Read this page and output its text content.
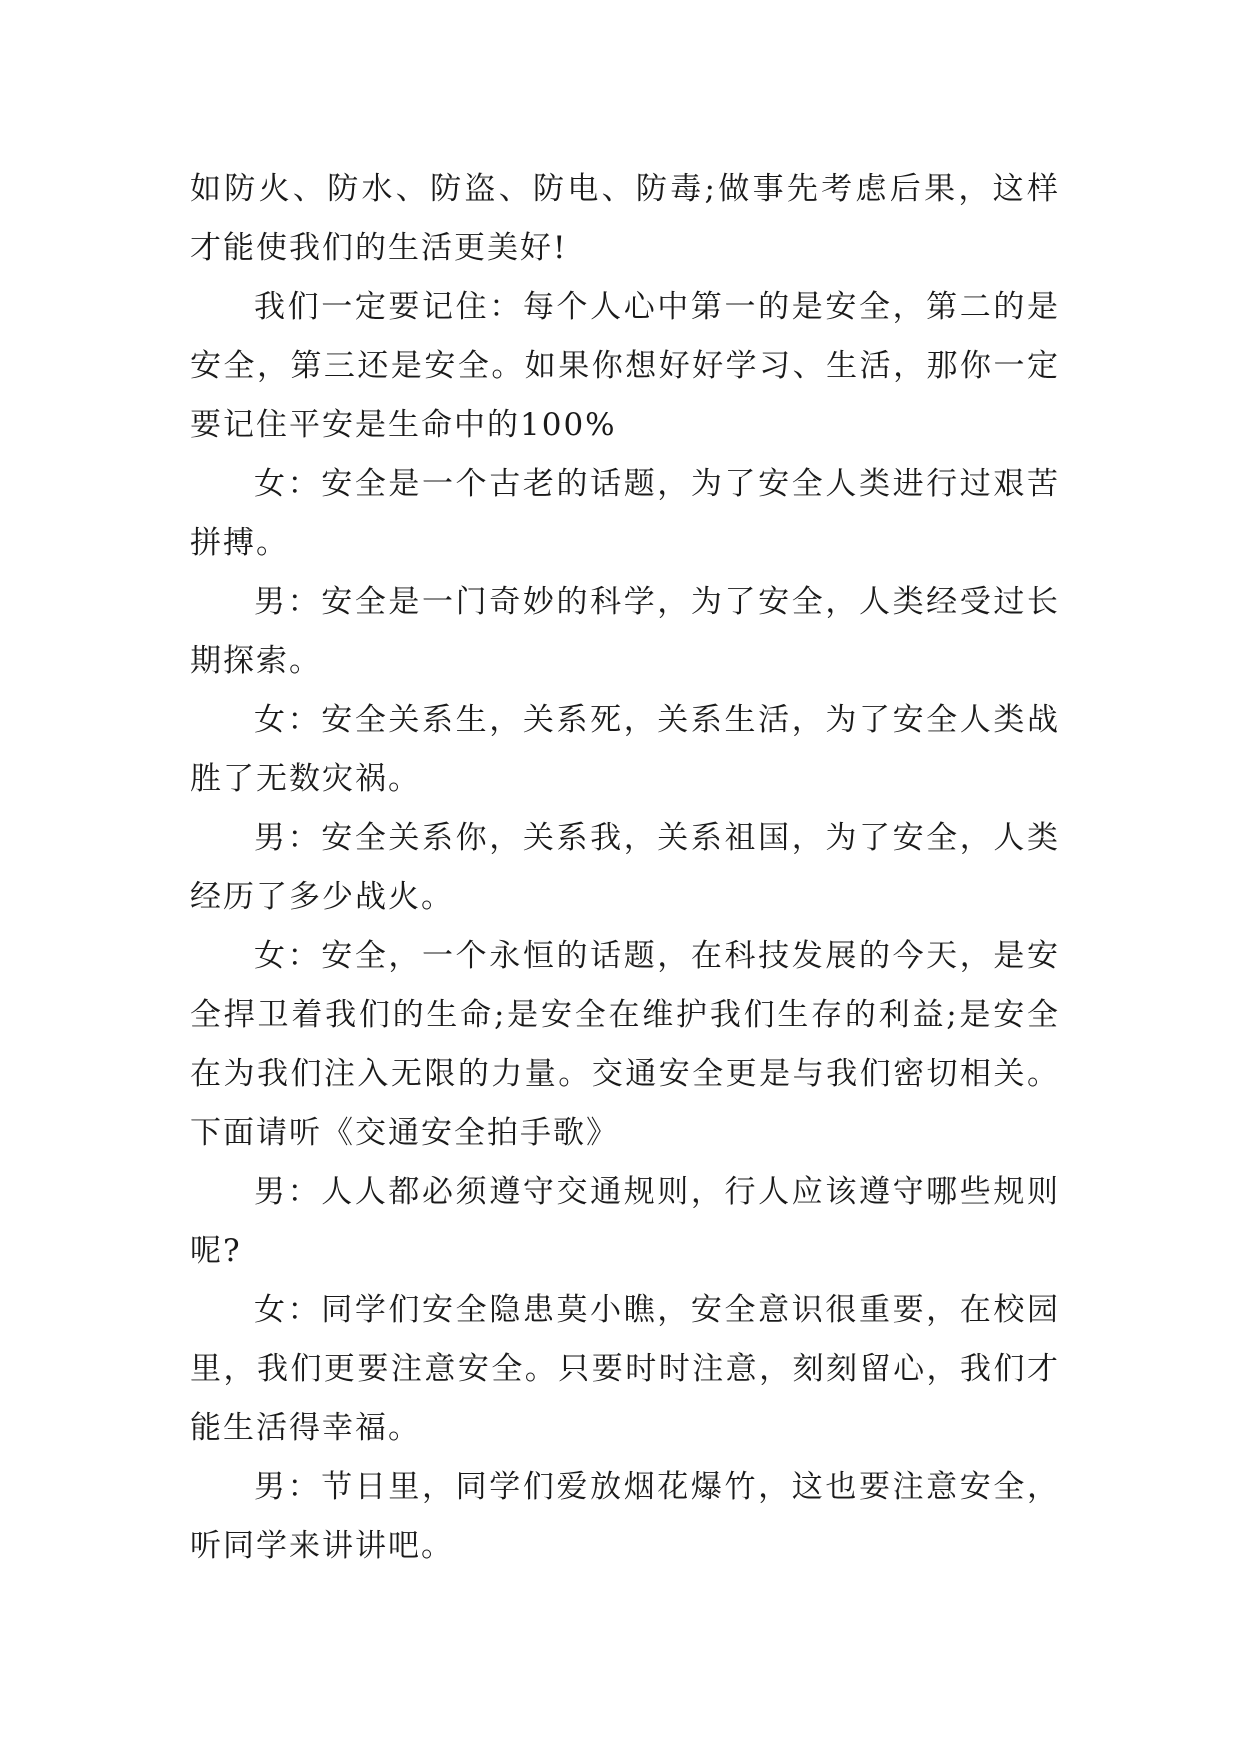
如防火、防水、防盗、防电、防毒;做事先考虑后果，这样才能使我们的生活更美好!

我们一定要记住：每个人心中第一的是安全，第二的是安全，第三还是安全。如果你想好好学习、生活，那你一定要记住平安是生命中的100%

女：安全是一个古老的话题，为了安全人类进行过艰苦拼搏。

男：安全是一门奇妙的科学，为了安全，人类经受过长期探索。

女：安全关系生，关系死，关系生活，为了安全人类战胜了无数灾祸。

男：安全关系你，关系我，关系祖国，为了安全，人类经历了多少战火。

女：安全，一个永恒的话题，在科技发展的今天，是安全捍卫着我们的生命;是安全在维护我们生存的利益;是安全在为我们注入无限的力量。交通安全更是与我们密切相关。下面请听《交通安全拍手歌》

男：人人都必须遵守交通规则，行人应该遵守哪些规则呢?

女：同学们安全隐患莫小瞧，安全意识很重要，在校园里，我们更要注意安全。只要时时注意，刻刻留心，我们才能生活得幸福。

男：节日里，同学们爱放烟花爆竹，这也要注意安全，听同学来讲讲吧。
